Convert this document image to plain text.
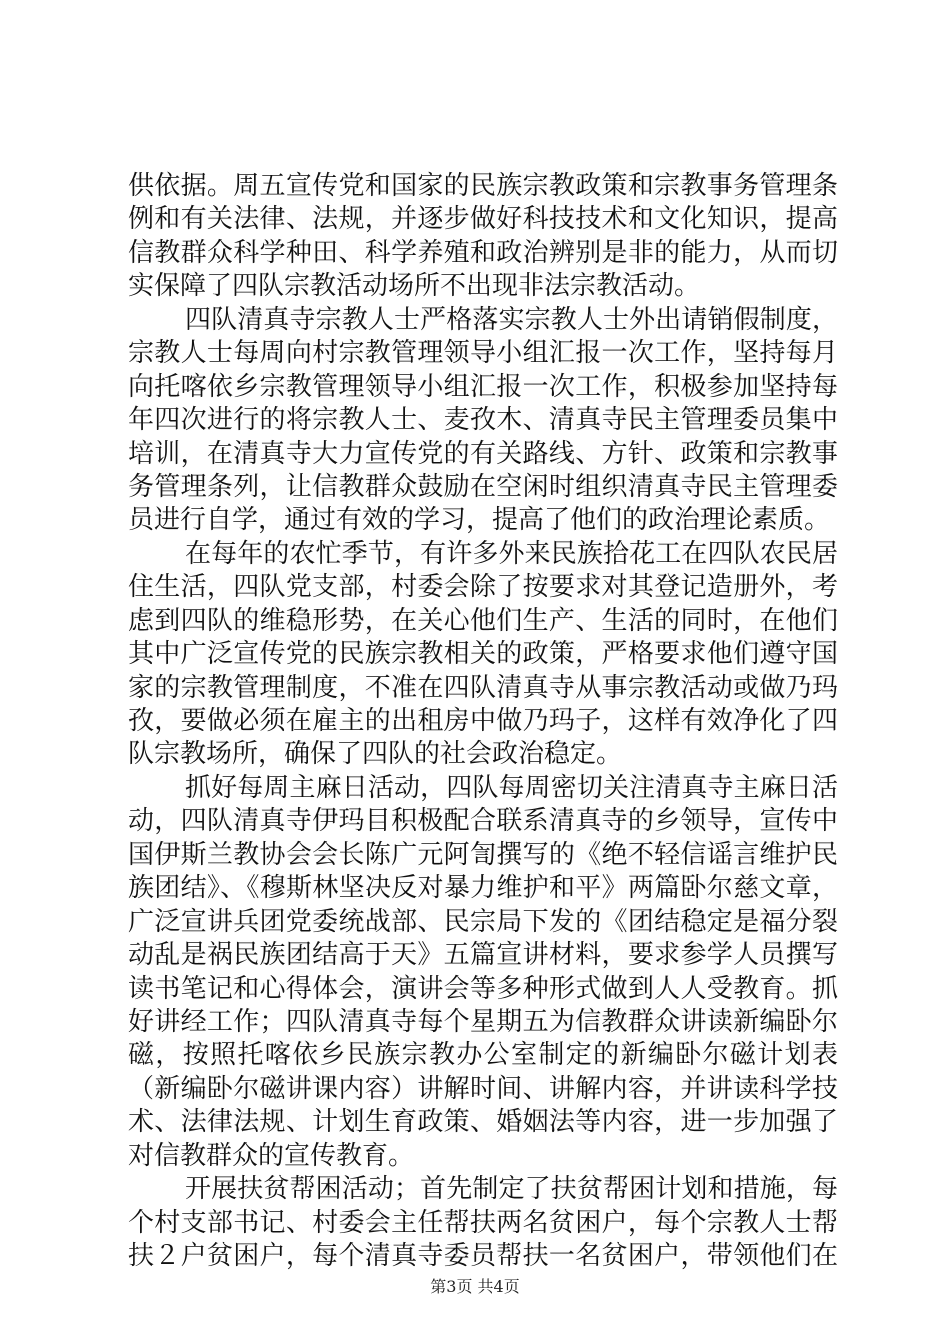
供依据。周五宣传党和国家的民族宗教政策和宗教事务管理条
例和有关法律、法规，并逐步做好科技技术和文化知识，提高
信教群众科学种田、科学养殖和政治辨别是非的能力，从而切
实保障了四队宗教活动场所不出现非法宗教活动。
四队清真寺宗教人士严格落实宗教人士外出请销假制度，
宗教人士每周向村宗教管理领导小组汇报一次工作，坚持每月
向托喀依乡宗教管理领导小组汇报一次工作，积极参加坚持每
年四次进行的将宗教人士、麦孜木、清真寺民主管理委员集中
培训，在清真寺大力宣传党的有关路线、方针、政策和宗教事
务管理条列，让信教群众鼓励在空闲时组织清真寺民主管理委
员进行自学，通过有效的学习，提高了他们的政治理论素质。
在每年的农忙季节，有许多外来民族拾花工在四队农民居
住生活，四队党支部，村委会除了按要求对其登记造册外，考
虑到四队的维稳形势，在关心他们生产、生活的同时，在他们
其中广泛宣传党的民族宗教相关的政策，严格要求他们遵守国
家的宗教管理制度，不准在四队清真寺从事宗教活动或做乃玛
孜，要做必须在雇主的出租房中做乃玛子，这样有效净化了四
队宗教场所，确保了四队的社会政治稳定。
抓好每周主麻日活动，四队每周密切关注清真寺主麻日活
动，四队清真寺伊玛目积极配合联系清真寺的乡领导，宣传中
国伊斯兰教协会会长陈广元阿訇撰写的《绝不轻信谣言维护民
族团结》、《穆斯林坚决反对暴力维护和平》两篇卧尔慈文章，
广泛宣讲兵团党委统战部、民宗局下发的《团结稳定是福分裂
动乱是祸民族团结高于天》五篇宣讲材料，要求参学人员撰写
读书笔记和心得体会，演讲会等多种形式做到人人受教育。抓
好讲经工作；四队清真寺每个星期五为信教群众讲读新编卧尔
磁，按照托喀依乡民族宗教办公室制定的新编卧尔磁计划表
（新编卧尔磁讲课内容）讲解时间、讲解内容，并讲读科学技
术、法律法规、计划生育政策、婚姻法等内容，进一步加强了
对信教群众的宣传教育。
开展扶贫帮困活动；首先制定了扶贫帮困计划和措施，每
个村支部书记、村委会主任帮扶两名贫困户，每个宗教人士帮
扶２户贫困户，每个清真寺委员帮扶一名贫困户，带领他们在
第3页 共4页
